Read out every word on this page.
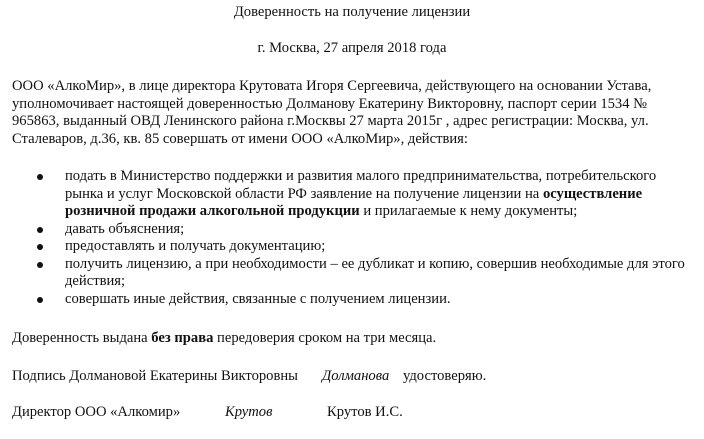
Доверенность на получение лицензии
г. Москва, 27 апреля 2018 года

ООО «АлкоМир», в лице директора Крутовата Игоря Сергеевича, действующего на основании Устава,
уполномочивает настоящей доверенностью Долманову Екатерину Викторовну, паспорт серии 1534 №
965863, выданный ОВД Ленинского района г.Москвы 27 марта 2015г , адрес регистрации: Москва, ул.
Сталеваров, д.36, кв. 85 совершать от имени ООО «АлкоМир», действия:

подать в Министерство поддержки и развития малого предпринимательства, потребительского
рынка и услуг Московской области РФ заявление на получение лицензии на осуществление
розничной продажи алкогольной продукции и прилагаемые к нему документы;
давать объяснения;
предоставлять и получать документацию;
получить лицензию, а при необходимости – ее дубликат и копию, совершив необходимые для этого
действия;
совершать иные действия, связанные с получением лицензии.
Доверенность выдана без права передоверия сроком на три месяца.
Подпись Долмановой Екатерины Викторовны Долманова удостоверяю.
Директор ООО «Алкомир»	Крутов	Крутов И.С.
